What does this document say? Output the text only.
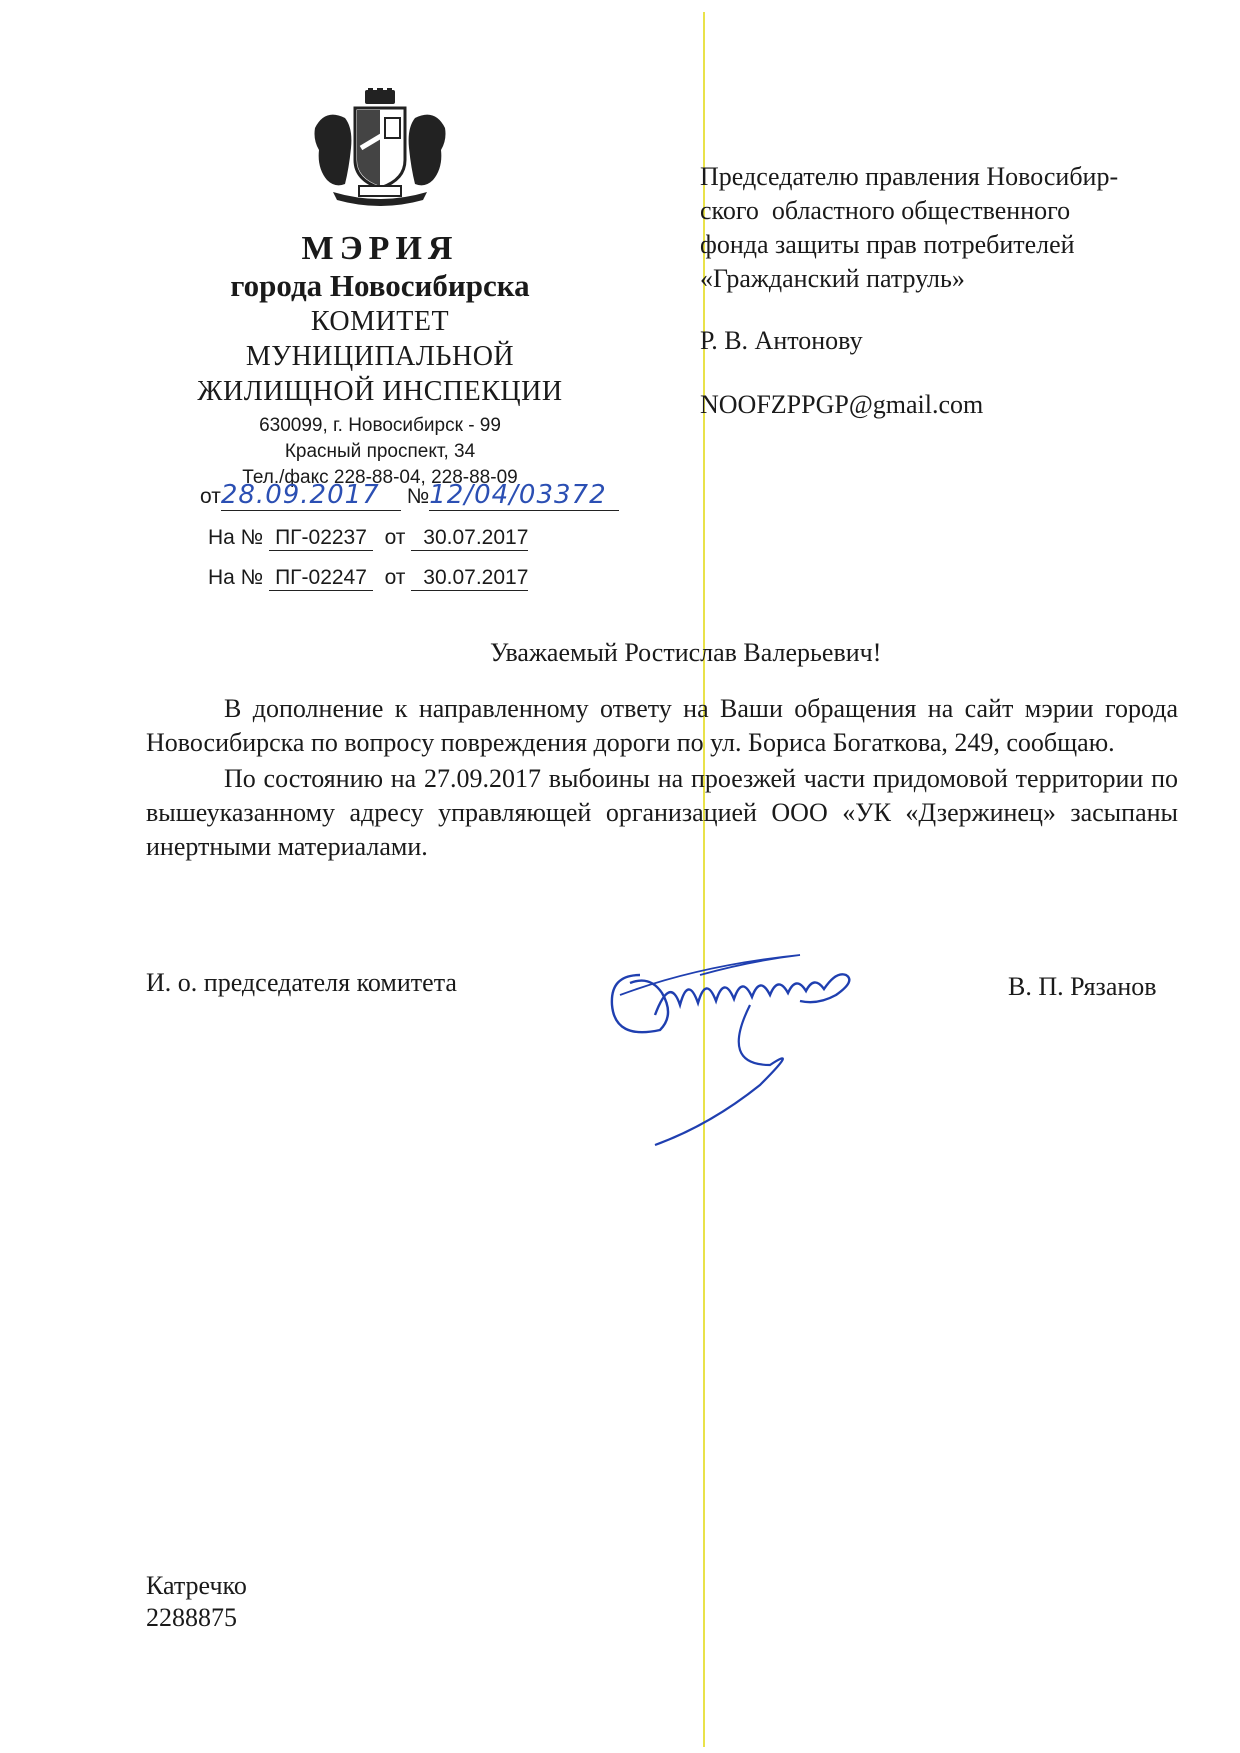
МЭРИЯ
города Новосибирска
КОМИТЕТ
МУНИЦИПАЛЬНОЙ
ЖИЛИЩНОЙ ИНСПЕКЦИИ
630099, г. Новосибирск - 99
Красный проспект, 34
Тел./факс 228-88-04, 228-88-09
от28.09.2017 №12/04/03372
На № ПГ-02237 от 30.07.2017
На № ПГ-02247 от 30.07.2017
Председателю правления Новосибир-
ского  областного общественного
фонда защиты прав потребителей
«Гражданский патруль»
Р. В. Антонову
NOOFZPPGP@gmail.com
Уважаемый Ростислав Валерьевич!

В дополнение к направленному ответу на Ваши обращения на сайт мэрии города Новосибирска по вопросу повреждения дороги по ул. Бориса Богаткова, 249, сообщаю.

По состоянию на 27.09.2017 выбоины на проезжей части придомовой территории по вышеуказанному адресу управляющей организацией ООО «УК «Дзержинец» засыпаны инертными материалами.

И. о. председателя комитета	В. П. Рязанов
Катречко
2288875
